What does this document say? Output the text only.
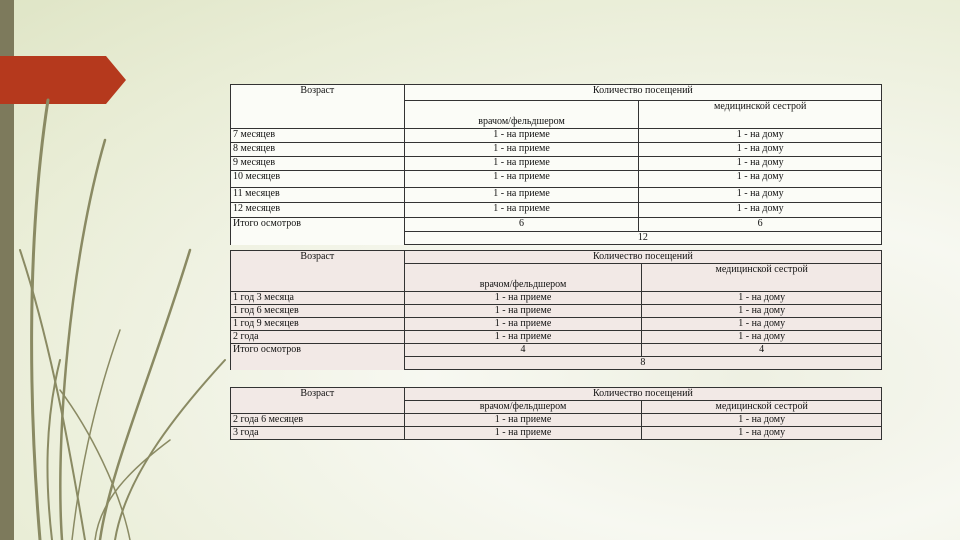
Возраст	Количество посещений	
	врачом/фельдшером	медицинской сестрой
7 месяцев	1 - на приеме	1 - на дому
8 месяцев	1 - на приеме	1 - на дому
9 месяцев	1 - на приеме	1 - на дому
10 месяцев	1 - на приеме	1 - на дому
11 месяцев	1 - на приеме	1 - на дому
12 месяцев	1 - на приеме	1 - на дому
Итого осмотров	6	6
	12	
Возраст	Количество посещений	
	врачом/фельдшером	медицинской сестрой
1 год 3 месяца	1 - на приеме	1 - на дому
1 год 6 месяцев	1 - на приеме	1 - на дому
1 год 9 месяцев	1 - на приеме	1 - на дому
2 года	1 - на приеме	1 - на дому
Итого осмотров	4	4
	8	
Возраст	Количество посещений	
	врачом/фельдшером	медицинской сестрой
2 года 6 месяцев	1 - на приеме	1 - на дому
3 года	1 - на приеме	1 - на дому
